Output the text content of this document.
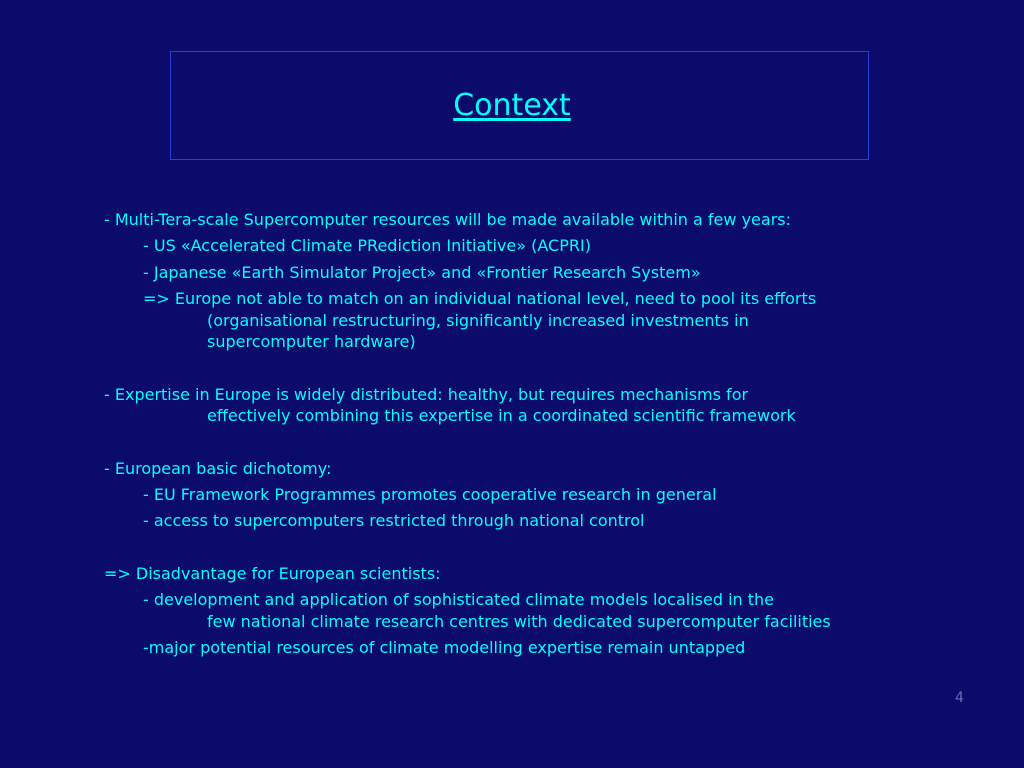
Context
- Multi-Tera-scale Supercomputer resources will be made available within a few years:
- US «Accelerated Climate PRediction Initiative» (ACPRI)
- Japanese «Earth Simulator Project» and «Frontier Research System»
=> Europe not able to match on an individual national level, need to pool its efforts
(organisational restructuring, significantly increased investments in
supercomputer hardware)
- Expertise in Europe is widely distributed: healthy, but requires mechanisms for
effectively combining this expertise in a coordinated scientific framework
- European basic dichotomy:
- EU Framework Programmes promotes cooperative research in general
- access to supercomputers restricted through national control
=> Disadvantage for European scientists:
- development and application of sophisticated climate models localised in the
few national climate research centres with dedicated supercomputer facilities
-major potential resources of climate modelling expertise remain untapped
4
